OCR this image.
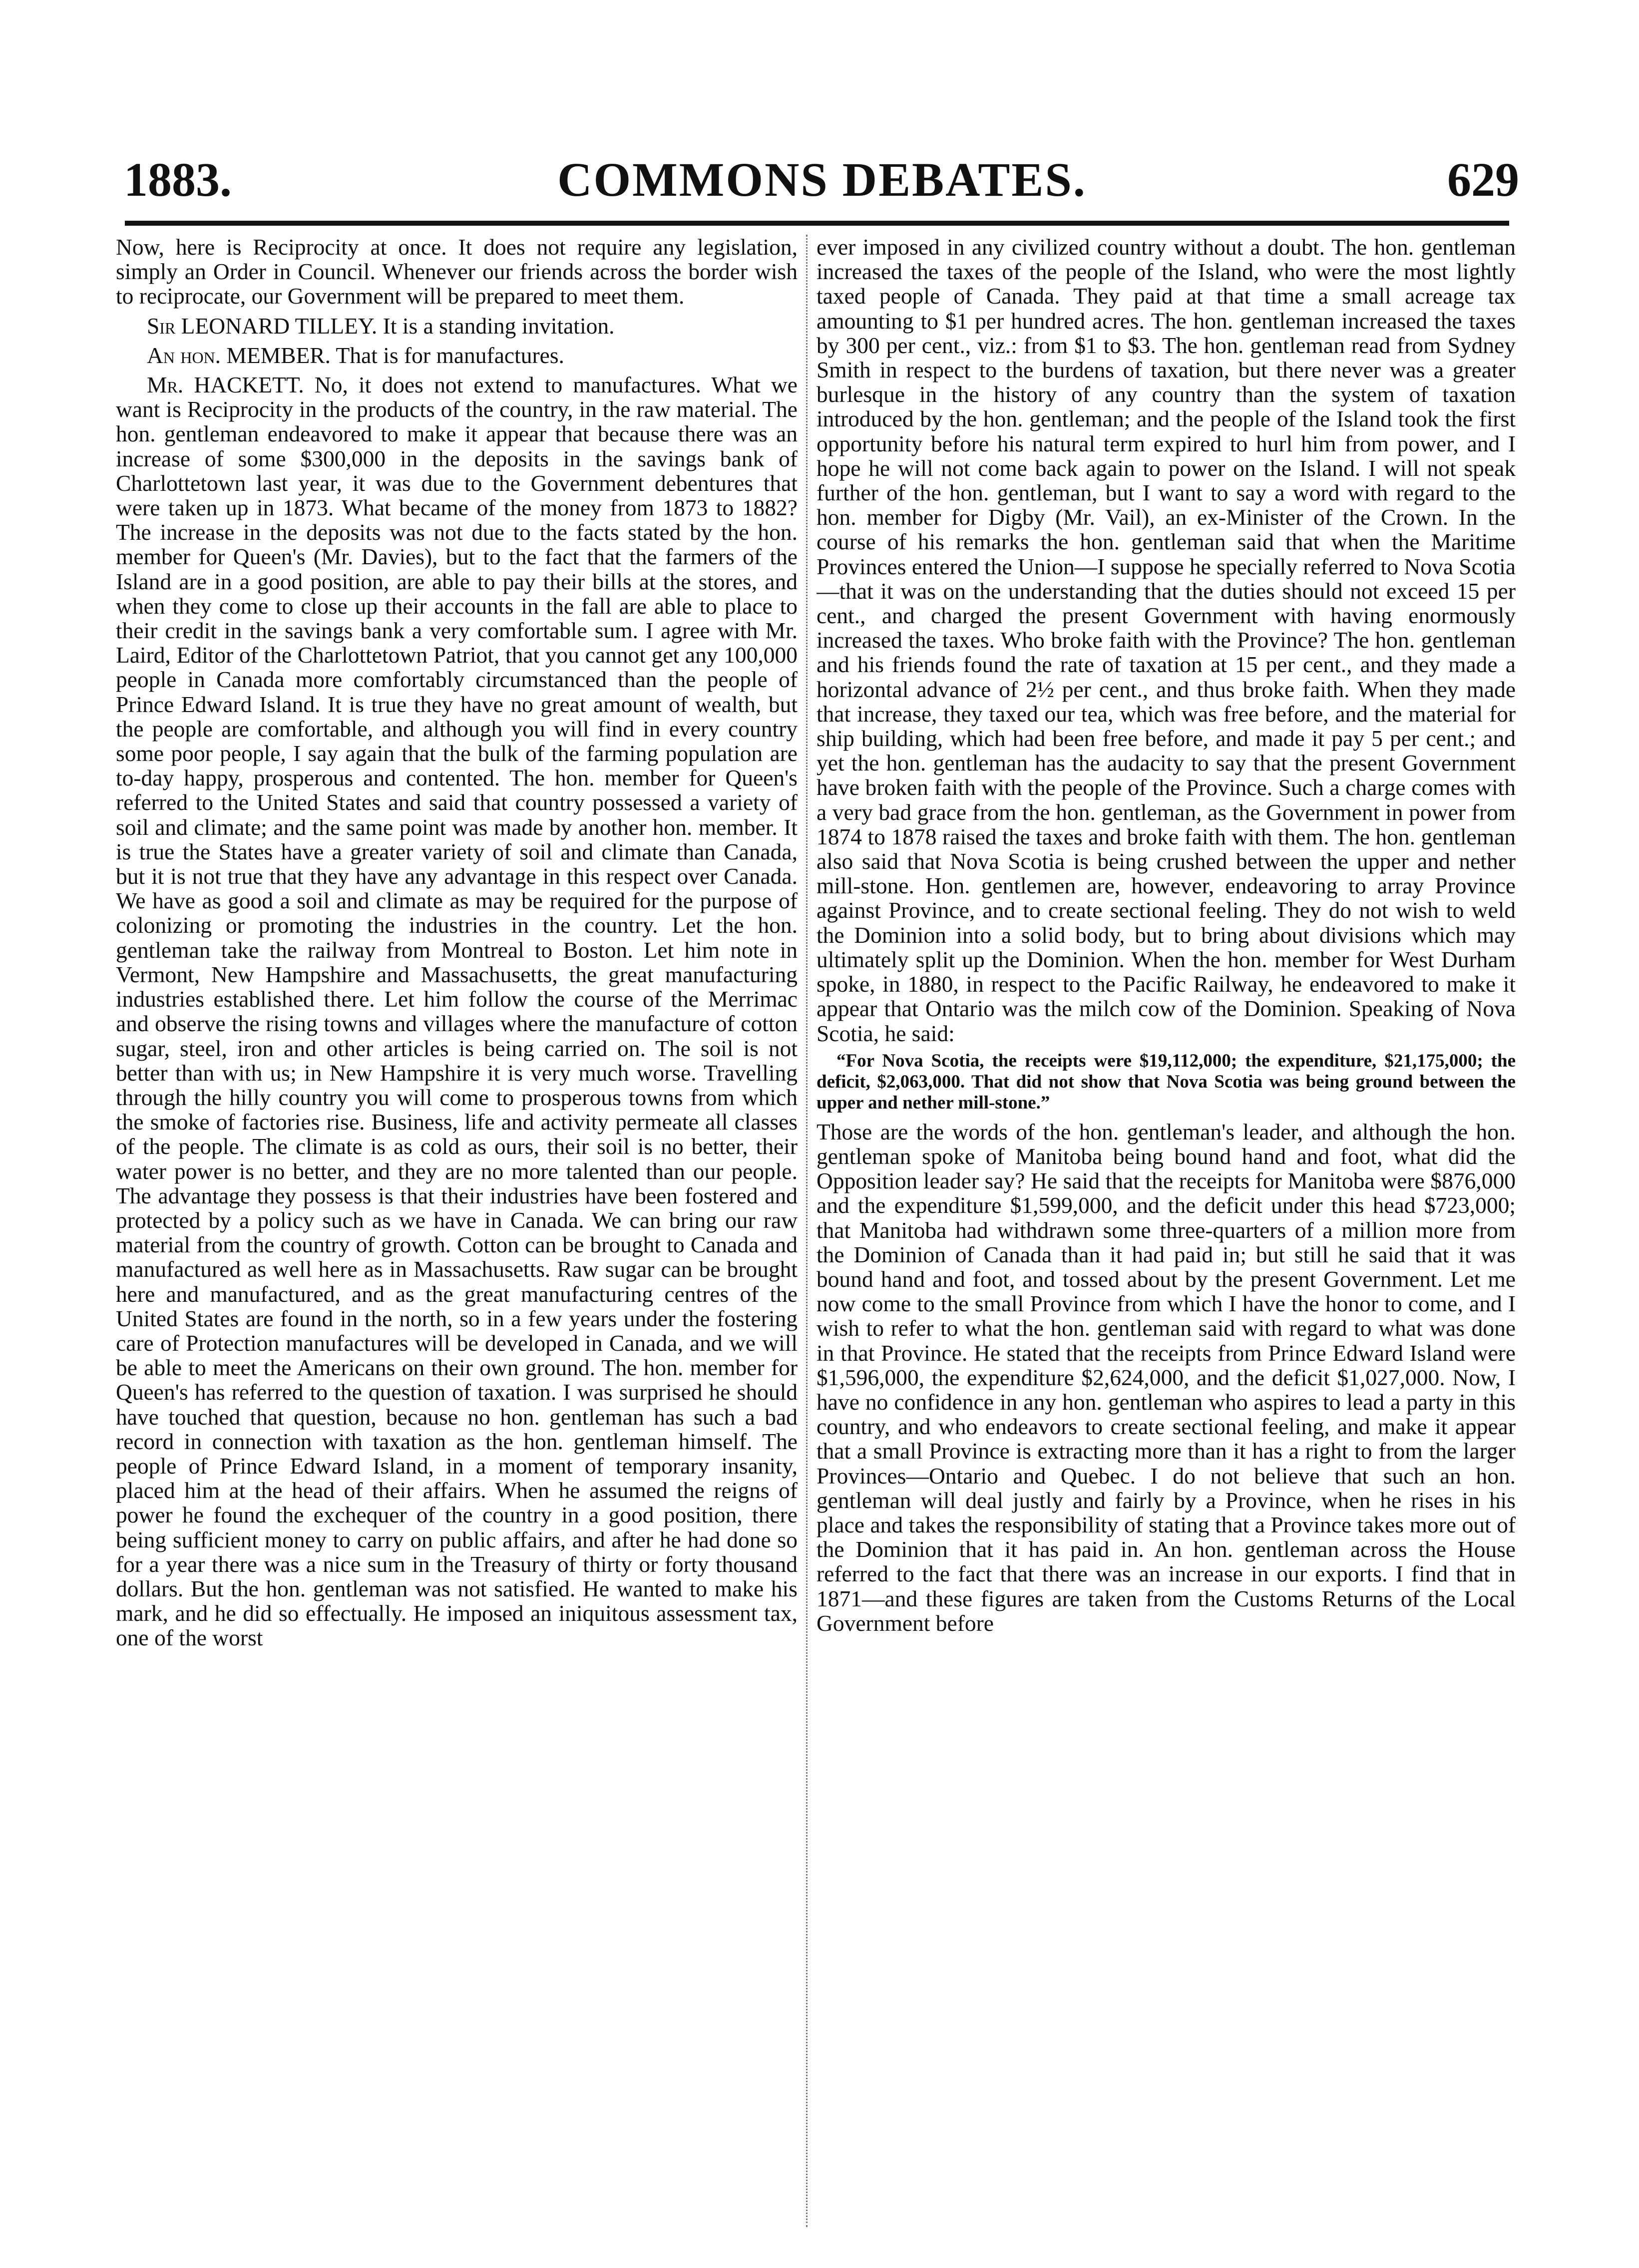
1883.	COMMONS DEBATES.	629

Now, here is Reciprocity at once. It does not require any legislation, simply an Order in Council. Whenever our friends across the border wish to reciprocate, our Government will be prepared to meet them.

Sir LEONARD TILLEY. It is a standing invitation.

An hon. MEMBER. That is for manufactures.

Mr. HACKETT. No, it does not extend to manufactures. What we want is Reciprocity in the products of the country, in the raw material. The hon. gentleman endeavored to make it appear that because there was an increase of some $300,000 in the deposits in the savings bank of Charlottetown last year, it was due to the Government debentures that were taken up in 1873. What became of the money from 1873 to 1882? The increase in the deposits was not due to the facts stated by the hon. member for Queen's (Mr. Davies), but to the fact that the farmers of the Island are in a good position, are able to pay their bills at the stores, and when they come to close up their accounts in the fall are able to place to their credit in the savings bank a very comfortable sum. I agree with Mr. Laird, Editor of the Charlottetown Patriot, that you cannot get any 100,000 people in Canada more comfortably circumstanced than the people of Prince Edward Island. It is true they have no great amount of wealth, but the people are comfortable, and although you will find in every country some poor people, I say again that the bulk of the farming population are to-day happy, prosperous and contented. The hon. member for Queen's referred to the United States and said that country possessed a variety of soil and climate; and the same point was made by another hon. member. It is true the States have a greater variety of soil and climate than Canada, but it is not true that they have any advantage in this respect over Canada. We have as good a soil and climate as may be required for the purpose of colonizing or promoting the industries in the country. Let the hon. gentleman take the railway from Montreal to Boston. Let him note in Vermont, New Hampshire and Massachusetts, the great manufacturing industries established there. Let him follow the course of the Merrimac and observe the rising towns and villages where the manufacture of cotton sugar, steel, iron and other articles is being carried on. The soil is not better than with us; in New Hampshire it is very much worse. Travelling through the hilly country you will come to prosperous towns from which the smoke of factories rise. Business, life and activity permeate all classes of the people. The climate is as cold as ours, their soil is no better, their water power is no better, and they are no more talented than our people. The advantage they possess is that their industries have been fostered and protected by a policy such as we have in Canada. We can bring our raw material from the country of growth. Cotton can be brought to Canada and manufactured as well here as in Massachusetts. Raw sugar can be brought here and manufactured, and as the great manufacturing centres of the United States are found in the north, so in a few years under the fostering care of Protection manufactures will be developed in Canada, and we will be able to meet the Americans on their own ground. The hon. member for Queen's has referred to the question of taxation. I was surprised he should have touched that question, because no hon. gentleman has such a bad record in connection with taxation as the hon. gentleman himself. The people of Prince Edward Island, in a moment of temporary insanity, placed him at the head of their affairs. When he assumed the reigns of power he found the exchequer of the country in a good position, there being sufficient money to carry on public affairs, and after he had done so for a year there was a nice sum in the Treasury of thirty or forty thousand dollars. But the hon. gentleman was not satisfied. He wanted to make his mark, and he did so effectually. He imposed an iniquitous assessment tax, one of the worst

ever imposed in any civilized country without a doubt. The hon. gentleman increased the taxes of the people of the Island, who were the most lightly taxed people of Canada. They paid at that time a small acreage tax amounting to $1 per hundred acres. The hon. gentleman increased the taxes by 300 per cent., viz.: from $1 to $3. The hon. gentleman read from Sydney Smith in respect to the burdens of taxation, but there never was a greater burlesque in the history of any country than the system of taxation introduced by the hon. gentleman; and the people of the Island took the first opportunity before his natural term expired to hurl him from power, and I hope he will not come back again to power on the Island. I will not speak further of the hon. gentleman, but I want to say a word with regard to the hon. member for Digby (Mr. Vail), an ex-Minister of the Crown. In the course of his remarks the hon. gentleman said that when the Maritime Provinces entered the Union—I suppose he specially referred to Nova Scotia—that it was on the understanding that the duties should not exceed 15 per cent., and charged the present Government with having enormously increased the taxes. Who broke faith with the Province? The hon. gentleman and his friends found the rate of taxation at 15 per cent., and they made a horizontal advance of 2½ per cent., and thus broke faith. When they made that increase, they taxed our tea, which was free before, and the material for ship building, which had been free before, and made it pay 5 per cent.; and yet the hon. gentleman has the audacity to say that the present Government have broken faith with the people of the Province. Such a charge comes with a very bad grace from the hon. gentleman, as the Government in power from 1874 to 1878 raised the taxes and broke faith with them. The hon. gentleman also said that Nova Scotia is being crushed between the upper and nether mill-stone. Hon. gentlemen are, however, endeavoring to array Province against Province, and to create sectional feeling. They do not wish to weld the Dominion into a solid body, but to bring about divisions which may ultimately split up the Dominion. When the hon. member for West Durham spoke, in 1880, in respect to the Pacific Railway, he endeavored to make it appear that Ontario was the milch cow of the Dominion. Speaking of Nova Scotia, he said:

“For Nova Scotia, the receipts were $19,112,000; the expenditure, $21,175,000; the deficit, $2,063,000. That did not show that Nova Scotia was being ground between the upper and nether mill-stone.”

Those are the words of the hon. gentleman's leader, and although the hon. gentleman spoke of Manitoba being bound hand and foot, what did the Opposition leader say? He said that the receipts for Manitoba were $876,000 and the expenditure $1,599,000, and the deficit under this head $723,000; that Manitoba had withdrawn some three-quarters of a million more from the Dominion of Canada than it had paid in; but still he said that it was bound hand and foot, and tossed about by the present Government. Let me now come to the small Province from which I have the honor to come, and I wish to refer to what the hon. gentleman said with regard to what was done in that Province. He stated that the receipts from Prince Edward Island were $1,596,000, the expenditure $2,624,000, and the deficit $1,027,000. Now, I have no confidence in any hon. gentleman who aspires to lead a party in this country, and who endeavors to create sectional feeling, and make it appear that a small Province is extracting more than it has a right to from the larger Provinces—Ontario and Quebec. I do not believe that such an hon. gentleman will deal justly and fairly by a Province, when he rises in his place and takes the responsibility of stating that a Province takes more out of the Dominion that it has paid in. An hon. gentleman across the House referred to the fact that there was an increase in our exports. I find that in 1871—and these figures are taken from the Customs Returns of the Local Government before
